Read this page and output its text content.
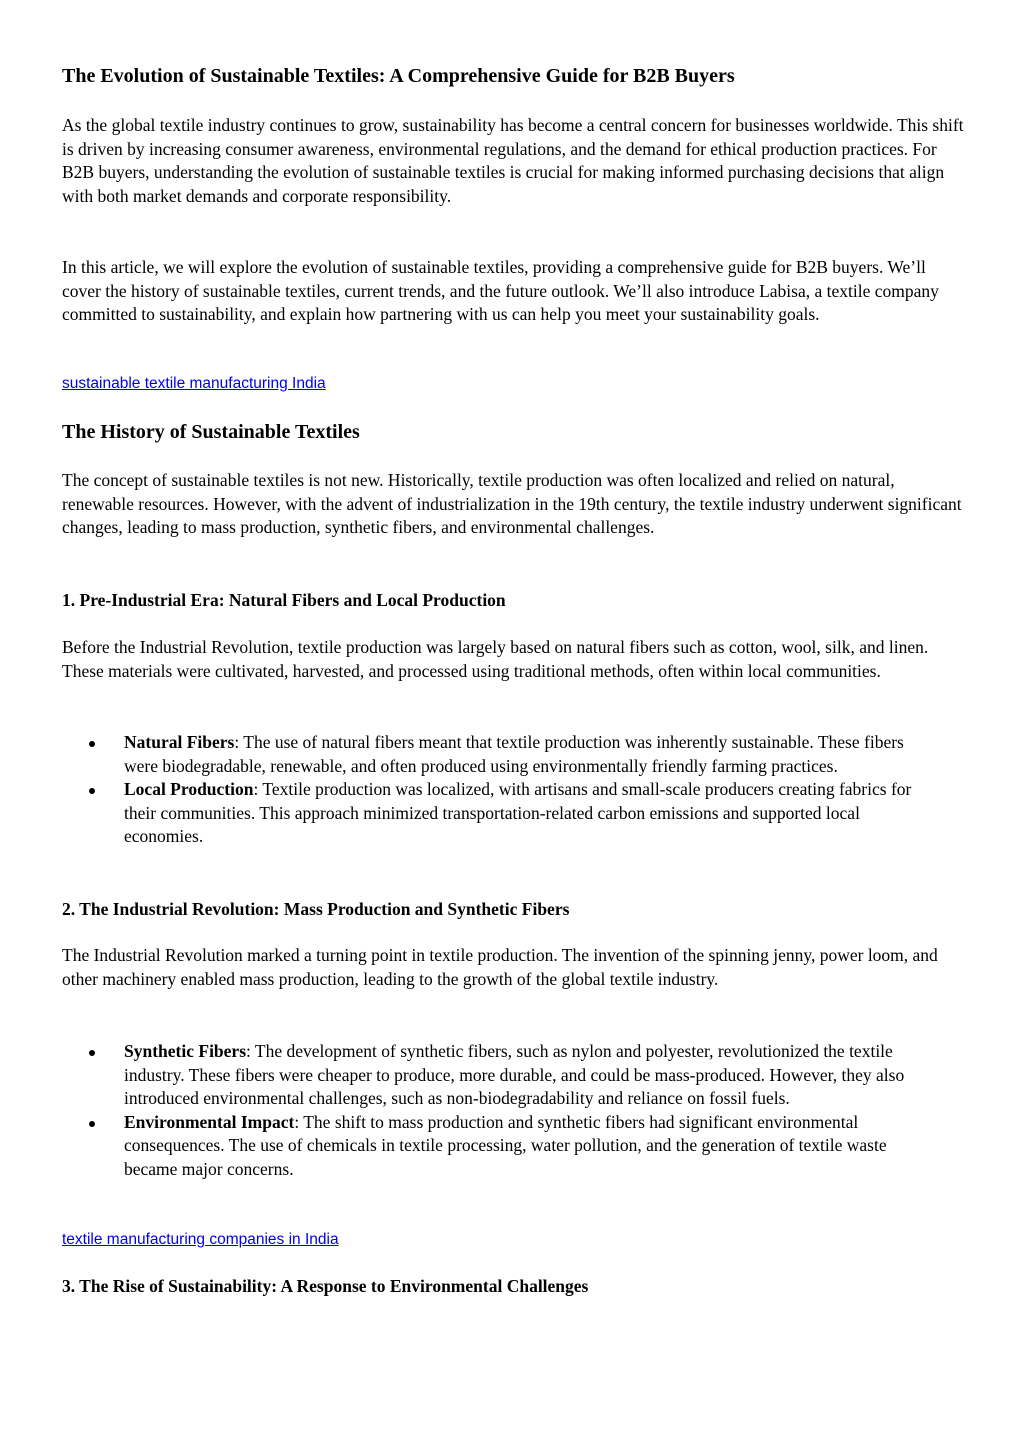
The Evolution of Sustainable Textiles: A Comprehensive Guide for B2B Buyers

As the global textile industry continues to grow, sustainability has become a central concern for businesses worldwide. This shift is driven by increasing consumer awareness, environmental regulations, and the demand for ethical production practices. For B2B buyers, understanding the evolution of sustainable textiles is crucial for making informed purchasing decisions that align with both market demands and corporate responsibility.

In this article, we will explore the evolution of sustainable textiles, providing a comprehensive guide for B2B buyers. We’ll cover the history of sustainable textiles, current trends, and the future outlook. We’ll also introduce Labisa, a textile company committed to sustainability, and explain how partnering with us can help you meet your sustainability goals.

sustainable textile manufacturing India
The History of Sustainable Textiles

The concept of sustainable textiles is not new. Historically, textile production was often localized and relied on natural, renewable resources. However, with the advent of industrialization in the 19th century, the textile industry underwent significant changes, leading to mass production, synthetic fibers, and environmental challenges.

1. Pre-Industrial Era: Natural Fibers and Local Production

Before the Industrial Revolution, textile production was largely based on natural fibers such as cotton, wool, silk, and linen. These materials were cultivated, harvested, and processed using traditional methods, often within local communities.

Natural Fibers: The use of natural fibers meant that textile production was inherently sustainable. These fibers were biodegradable, renewable, and often produced using environmentally friendly farming practices.
Local Production: Textile production was localized, with artisans and small-scale producers creating fabrics for their communities. This approach minimized transportation-related carbon emissions and supported local economies.
2. The Industrial Revolution: Mass Production and Synthetic Fibers

The Industrial Revolution marked a turning point in textile production. The invention of the spinning jenny, power loom, and other machinery enabled mass production, leading to the growth of the global textile industry.

Synthetic Fibers: The development of synthetic fibers, such as nylon and polyester, revolutionized the textile industry. These fibers were cheaper to produce, more durable, and could be mass-produced. However, they also introduced environmental challenges, such as non-biodegradability and reliance on fossil fuels.
Environmental Impact: The shift to mass production and synthetic fibers had significant environmental consequences. The use of chemicals in textile processing, water pollution, and the generation of textile waste became major concerns.
textile manufacturing companies in India
3. The Rise of Sustainability: A Response to Environmental Challenges
